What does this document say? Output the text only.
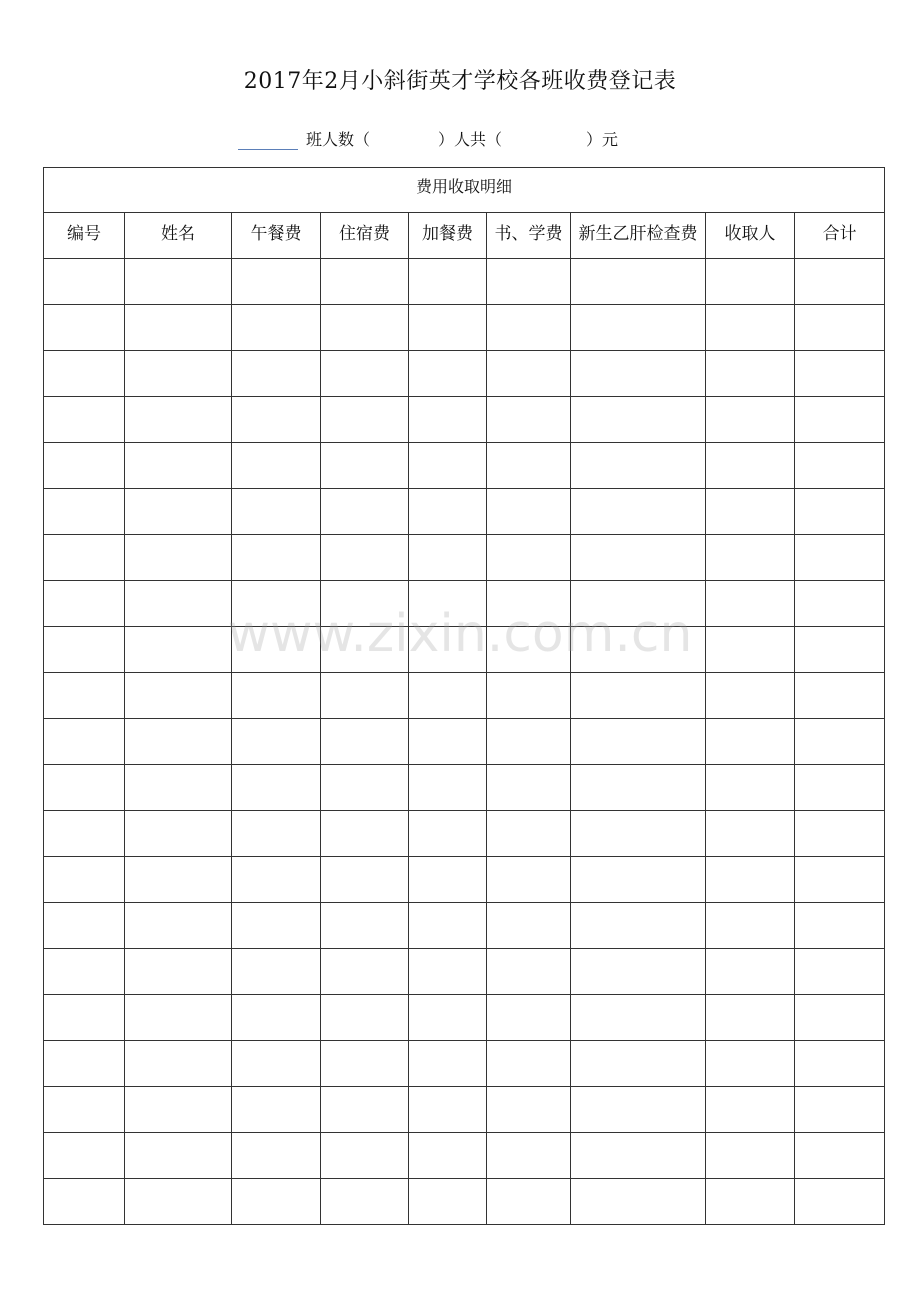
2017年2月小斜街英才学校各班收费登记表
班人数（	）人共（	）元
费用收取明细								
编号	姓名	午餐费	住宿费	加餐费	书、学费	新生乙肝检查费	收取人	合计

www.zixin.com.cn
